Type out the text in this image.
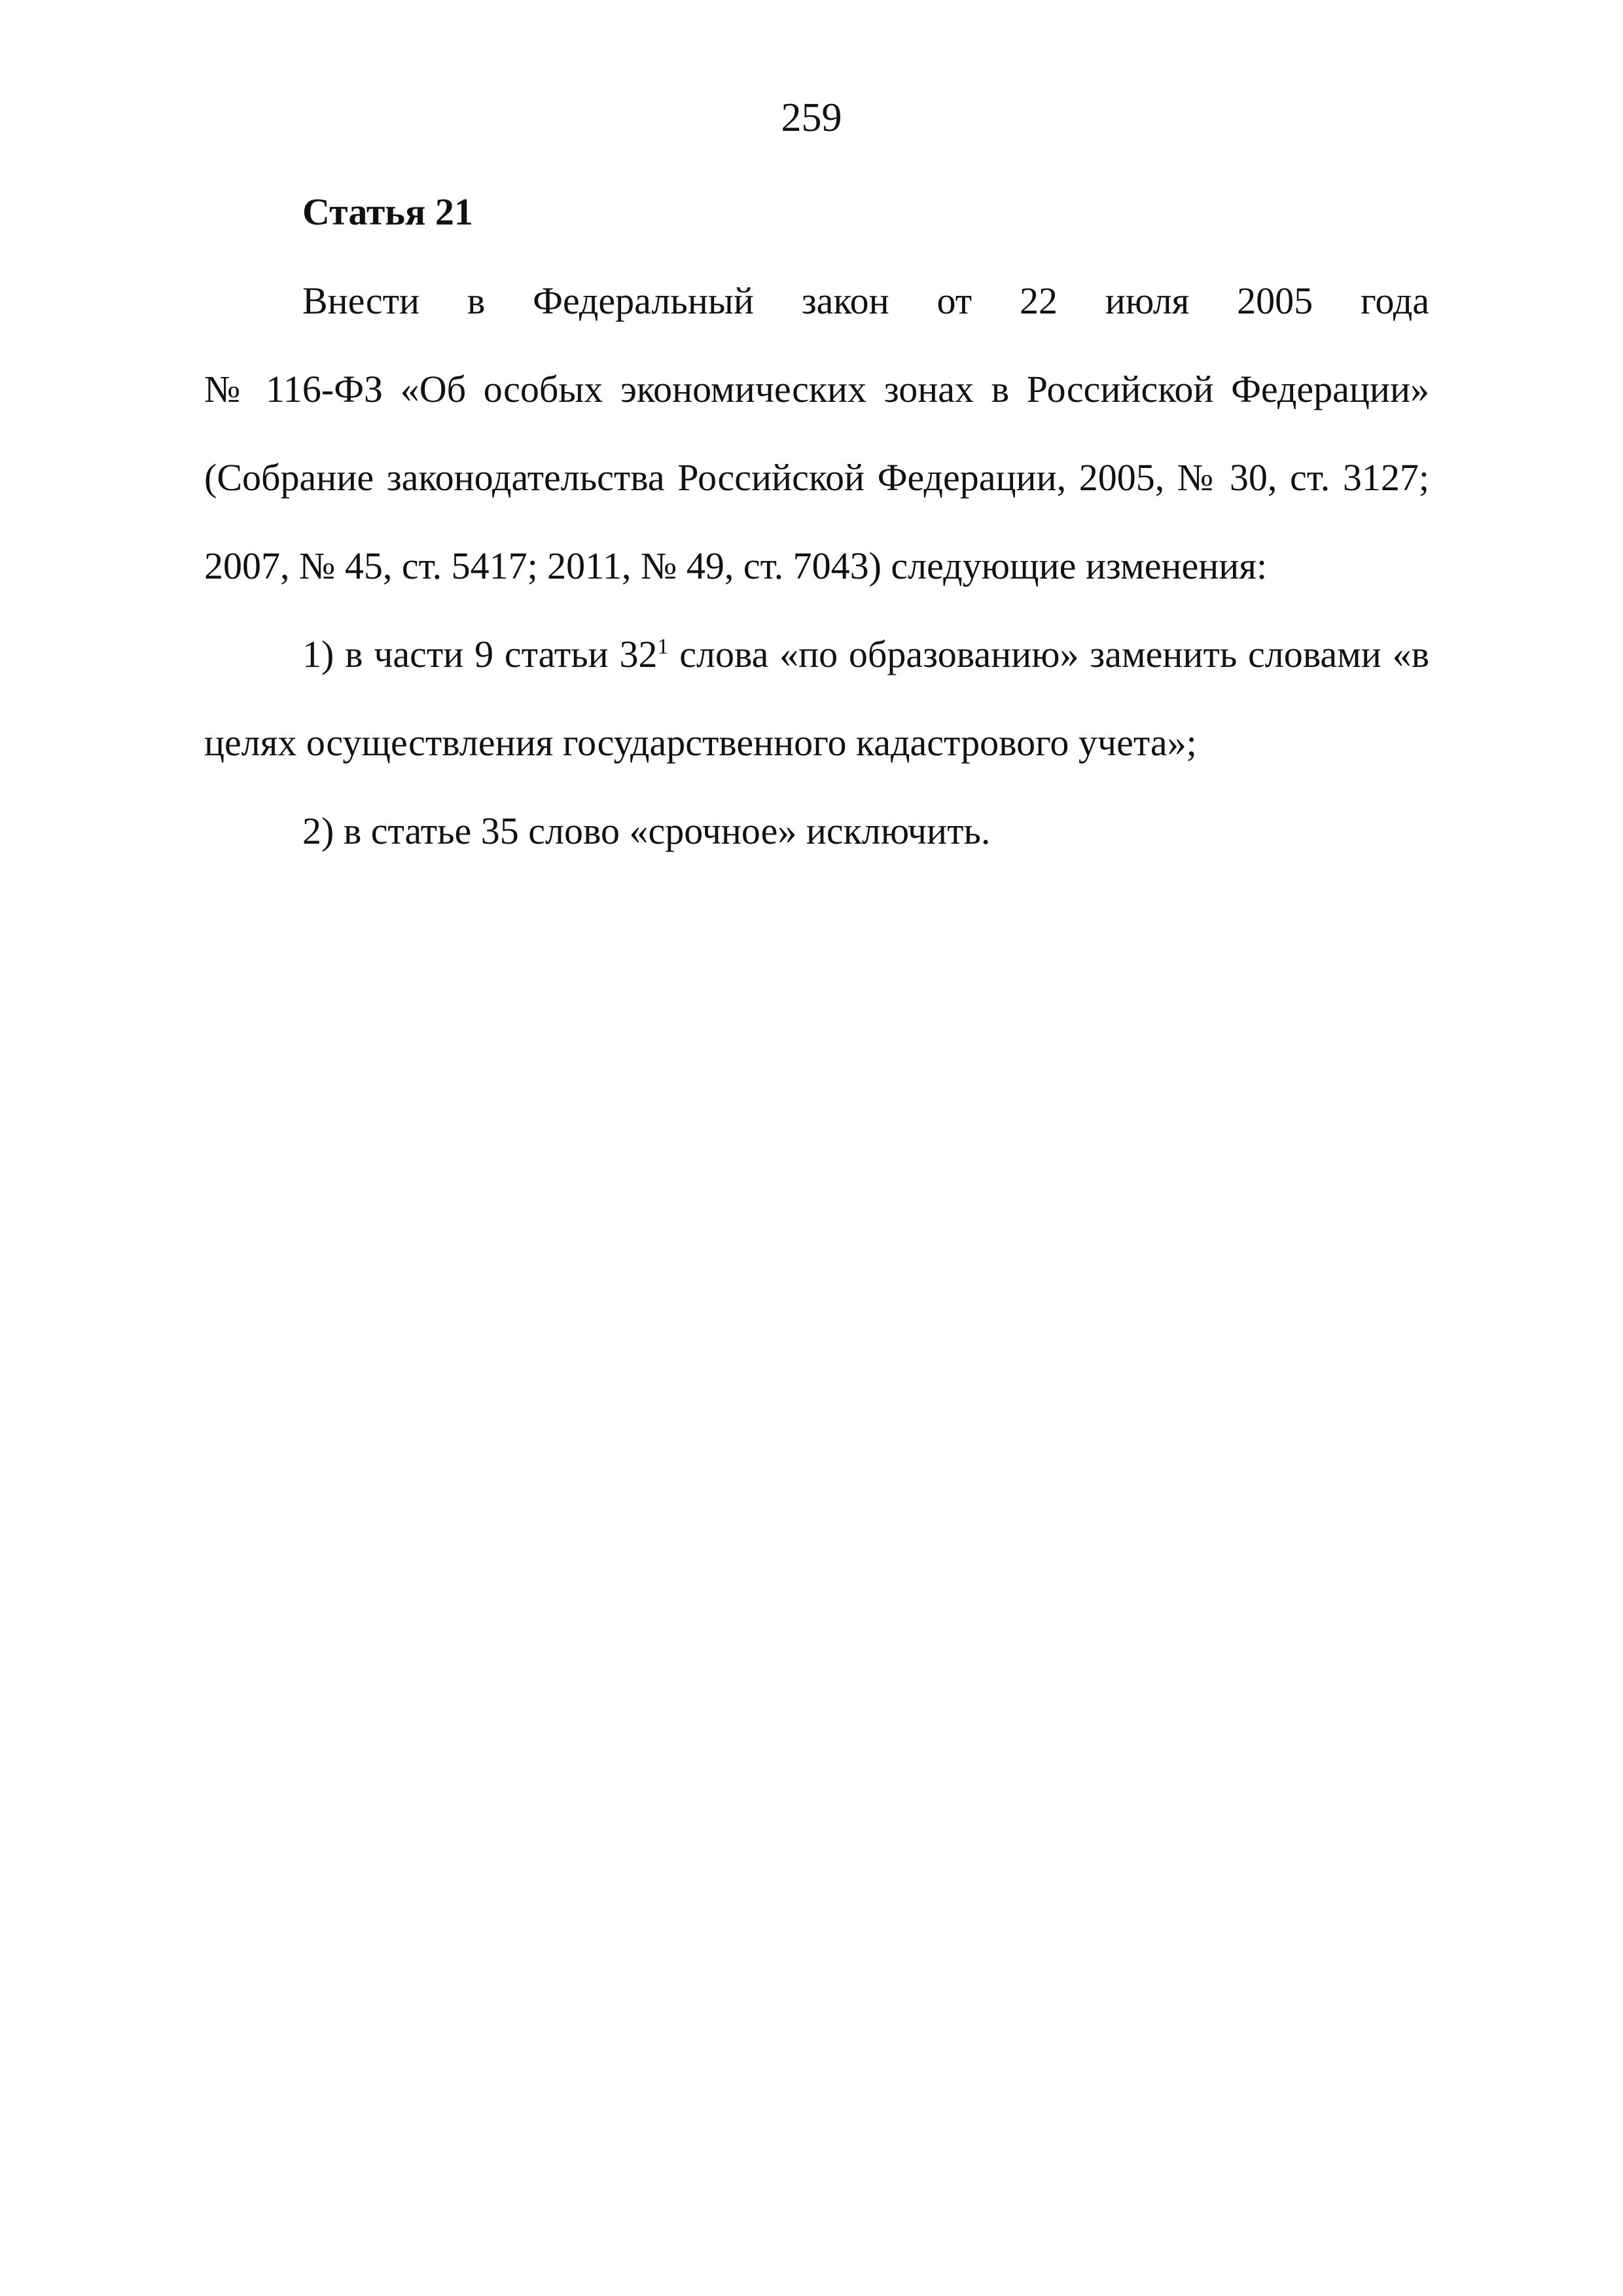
259
Статья 21
Внести в Федеральный закон от 22 июля 2005 года
№ 116-ФЗ «Об особых экономических зонах в Российской Федерации»
(Собрание законодательства Российской Федерации, 2005, № 30, ст. 3127;
2007, № 45, ст. 5417; 2011, № 49, ст. 7043) следующие изменения:
1) в части 9 статьи $32^1$ слова «по образованию» заменить словами «в
целях осуществления государственного кадастрового учета»;
2) в статье 35 слово «срочное» исключить.
